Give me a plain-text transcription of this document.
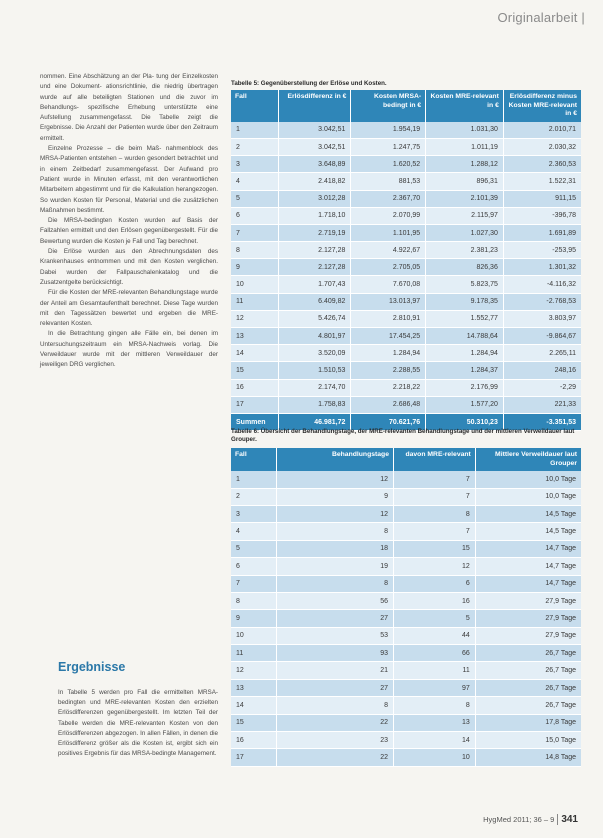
Originalarbeit |

nommen. Eine Abschätzung an der Pla- tung der Einzelkosten und eine Dokument- ationsrichtlinie, die niedrig übertragen wurde auf alle beteiligten Stationen und die zuvor im Behandlungs- spezifische Erhebung unterstützte eine Aufstellung zusammengefasst. Die Tabelle zeigt die Ergebnisse. Die Anzahl der Patienten wurde über den Zeitraum ermittelt.

Einzelne Prozesse – die beim Maß- nahmenblock des MRSA-Patienten entstehen – wurden gesondert betrachtet und in einem Zeitbedarf zusammengefasst. Der Aufwand pro Patient wurde in Minuten erfasst, mit den verantwortlichen Mitarbeitern abgestimmt und für die Kalkulation herangezogen. So wurden Kosten für Personal, Material und die zusätzlichen Maßnahmen bestimmt.

Die MRSA-bedingten Kosten wurden auf Basis der Fallzahlen ermittelt und den Erlösen gegenübergestellt. Für die Bewertung wurden die Kosten je Fall und Tag berechnet.

Die Erlöse wurden aus den Abrechnungsdaten des Krankenhauses entnommen und mit den Kosten verglichen. Dabei wurden der Fallpauschalenkatalog und die Zusatzentgelte berücksichtigt.

Für die Kosten der MRE-relevanten Behandlungstage wurde der Anteil am Gesamtaufenthalt berechnet. Diese Tage wurden mit den Tagessätzen bewertet und ergeben die MRE-relevanten Kosten.

In die Betrachtung gingen alle Fälle ein, bei denen im Untersuchungszeitraum ein MRSA-Nachweis vorlag. Die Verweildauer wurde mit der mittleren Verweildauer der jeweiligen DRG verglichen.

Ergebnisse
In Tabelle 5 werden pro Fall die ermittelten MRSA-bedingten und MRE-relevanten Kosten den erzielten Erlösdifferenzen gegenübergestellt. Im letzten Teil der Tabelle werden die MRE-relevanten Kosten von den Erlösdifferenzen abgezogen. In allen Fällen, in denen die Erlösdifferenz größer als die Kosten ist, ergibt sich ein positives Ergebnis für das MRSA-bedingte Management.
Tabelle 5: Gegenüberstellung der Erlöse und Kosten.
Fall	Erlösdifferenz in €	Kosten MRSA-bedingt in €	Kosten MRE-relevant in €	Erlösdifferenz minus Kosten MRE-relevant in €
1	3.042,51	1.954,19	1.031,30	2.010,71
2	3.042,51	1.247,75	1.011,19	2.030,32
3	3.648,89	1.620,52	1.288,12	2.360,53
4	2.418,82	881,53	896,31	1.522,31
5	3.012,28	2.367,70	2.101,39	911,15
6	1.718,10	2.070,99	2.115,97	-396,78
7	2.719,19	1.101,95	1.027,30	1.691,89
8	2.127,28	4.922,67	2.381,23	-253,95
9	2.127,28	2.705,05	826,36	1.301,32
10	1.707,43	7.670,08	5.823,75	-4.116,32
11	6.409,82	13.013,97	9.178,35	-2.768,53
12	5.426,74	2.810,91	1.552,77	3.803,97
13	4.801,97	17.454,25	14.788,64	-9.864,67
14	3.520,09	1.284,94	1.284,94	2.265,11
15	1.510,53	2.288,55	1.284,37	248,16
16	2.174,70	2.218,22	2.176,99	-2,29
17	1.758,83	2.686,48	1.577,20	221,33
Summen	46.981,72	70.621,76	50.310,23	-3.351,53
Tabelle 6: Übersicht der Behandlungstage, der MRE-relevanten Behandlungstage und der mittleren Verweildauer laut Grouper.
Fall	Behandlungstage	davon MRE-relevant	Mittlere Verweildauer laut Grouper
1	12	7	10,0 Tage
2	9	7	10,0 Tage
3	12	8	14,5 Tage
4	8	7	14,5 Tage
5	18	15	14,7 Tage
6	19	12	14,7 Tage
7	8	6	14,7 Tage
8	56	16	27,9 Tage
9	27	5	27,9 Tage
10	53	44	27,9 Tage
11	93	66	26,7 Tage
12	21	11	26,7 Tage
13	27	97	26,7 Tage
14	8	8	26,7 Tage
15	22	13	17,8 Tage
16	23	14	15,0 Tage
17	22	10	14,8 Tage
HygMed 2011; 36 – 9 341
